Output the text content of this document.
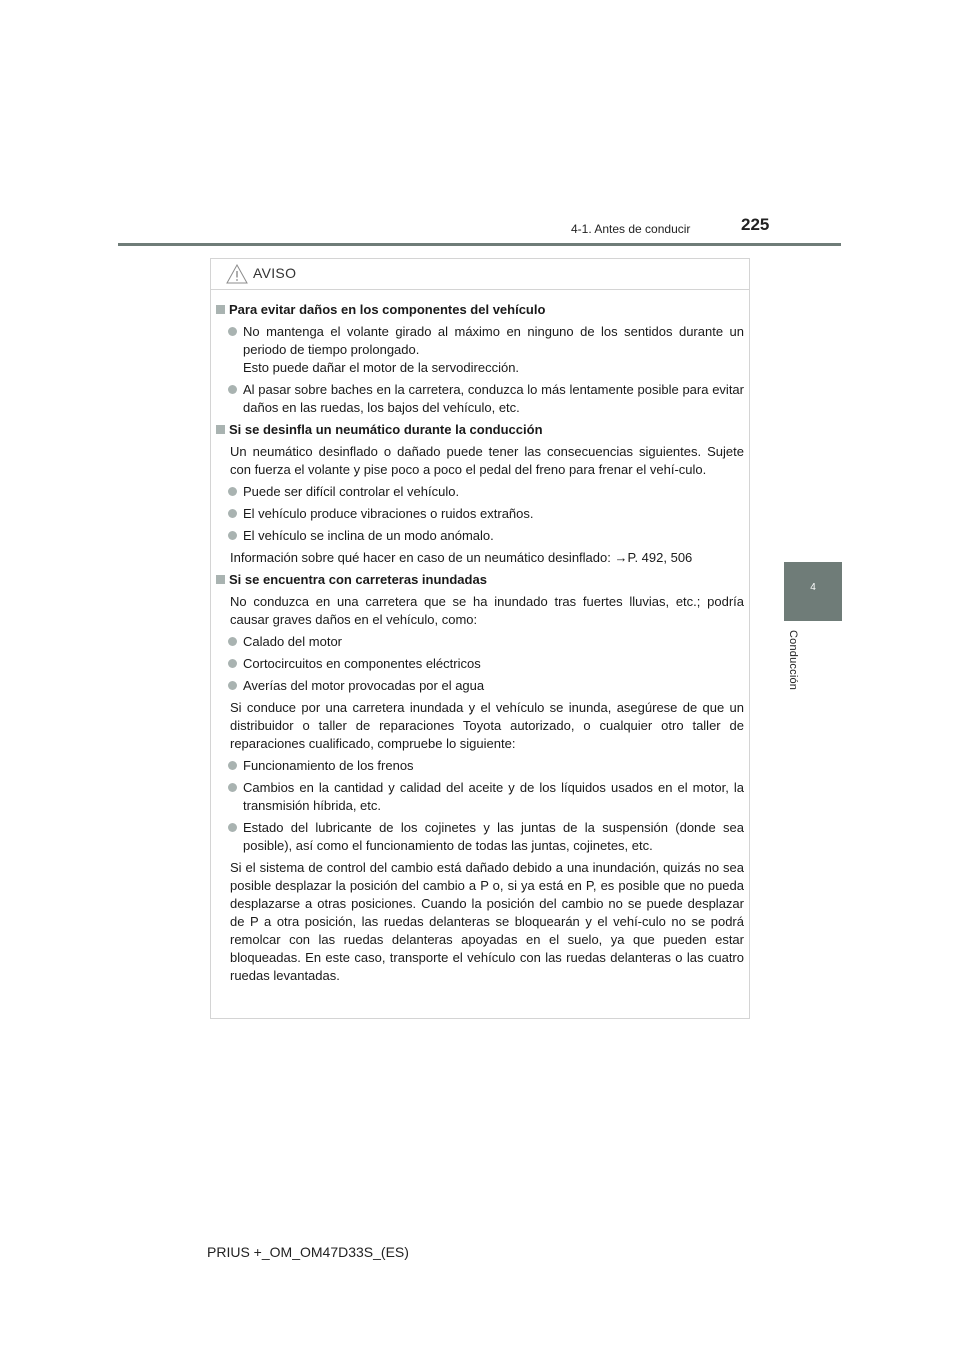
4-1. Antes de conducir	225
4
Conducción
AVISO
Para evitar daños en los componentes del vehículo
No mantenga el volante girado al máximo en ninguno de los sentidos durante un periodo de tiempo prolongado.
Esto puede dañar el motor de la servodirección.
Al pasar sobre baches en la carretera, conduzca lo más lentamente posible para evitar daños en las ruedas, los bajos del vehículo, etc.
Si se desinfla un neumático durante la conducción
Un neumático desinflado o dañado puede tener las consecuencias siguientes. Sujete con fuerza el volante y pise poco a poco el pedal del freno para frenar el vehí-culo.
Puede ser difícil controlar el vehículo.
El vehículo produce vibraciones o ruidos extraños.
El vehículo se inclina de un modo anómalo.
Información sobre qué hacer en caso de un neumático desinflado: →P. 492, 506
Si se encuentra con carreteras inundadas
No conduzca en una carretera que se ha inundado tras fuertes lluvias, etc.; podría causar graves daños en el vehículo, como:
Calado del motor
Cortocircuitos en componentes eléctricos
Averías del motor provocadas por el agua
Si conduce por una carretera inundada y el vehículo se inunda, asegúrese de que un distribuidor o taller de reparaciones Toyota autorizado, o cualquier otro taller de reparaciones cualificado, compruebe lo siguiente:
Funcionamiento de los frenos
Cambios en la cantidad y calidad del aceite y de los líquidos usados en el motor, la transmisión híbrida, etc.
Estado del lubricante de los cojinetes y las juntas de la suspensión (donde sea posible), así como el funcionamiento de todas las juntas, cojinetes, etc.
Si el sistema de control del cambio está dañado debido a una inundación, quizás no sea posible desplazar la posición del cambio a P o, si ya está en P, es posible que no pueda desplazarse a otras posiciones. Cuando la posición del cambio no se puede desplazar de P a otra posición, las ruedas delanteras se bloquearán y el vehí-culo no se podrá remolcar con las ruedas delanteras apoyadas en el suelo, ya que pueden estar bloqueadas. En este caso, transporte el vehículo con las ruedas delanteras o las cuatro ruedas levantadas.
PRIUS +_OM_OM47D33S_(ES)
